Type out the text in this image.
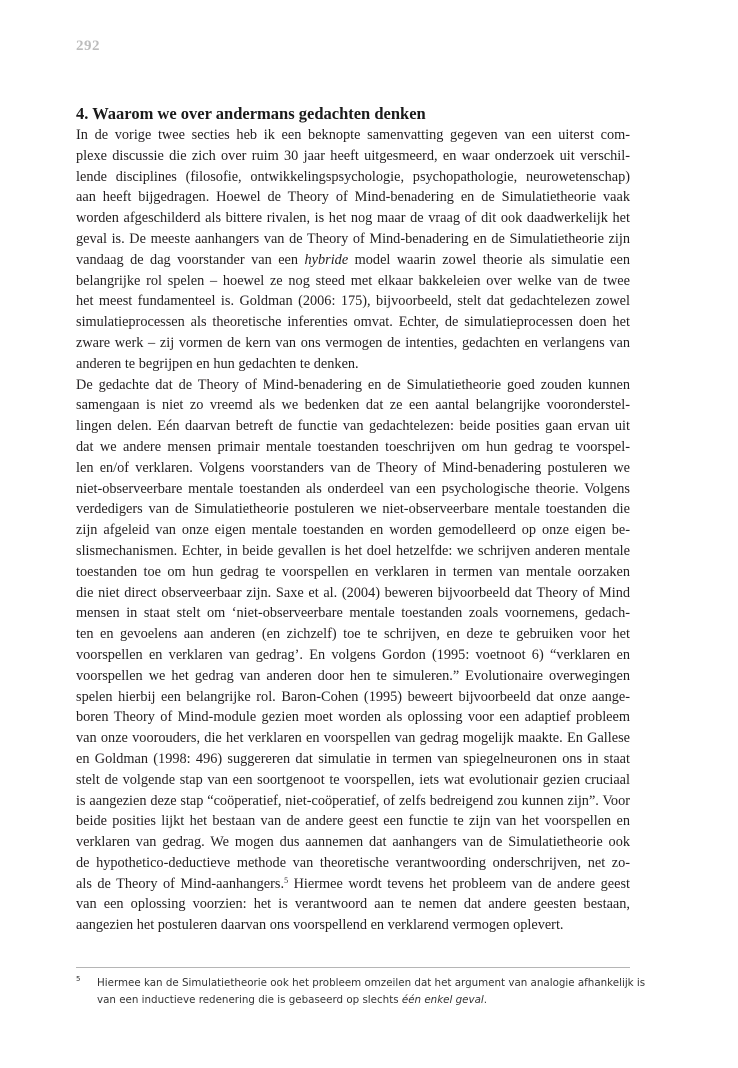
292
4. Waarom we over andermans gedachten denken
In de vorige twee secties heb ik een beknopte samenvatting gegeven van een uiterst com-
plexe discussie die zich over ruim 30 jaar heeft uitgesmeerd, en waar onderzoek uit verschil-
lende disciplines (filosofie, ontwikkelingspsychologie, psychopathologie, neurowetenschap)
aan heeft bijgedragen. Hoewel de Theory of Mind-benadering en de Simulatietheorie vaak
worden afgeschilderd als bittere rivalen, is het nog maar de vraag of dit ook daadwerkelijk het
geval is. De meeste aanhangers van de Theory of Mind-benadering en de Simulatietheorie zijn
vandaag de dag voorstander van een hybride model waarin zowel theorie als simulatie een
belangrijke rol spelen – hoewel ze nog steed met elkaar bakkeleien over welke van de twee
het meest fundamenteel is. Goldman (2006: 175), bijvoorbeeld, stelt dat gedachtelezen zowel
simulatieprocessen als theoretische inferenties omvat. Echter, de simulatieprocessen doen het
zware werk – zij vormen de kern van ons vermogen de intenties, gedachten en verlangens van
anderen te begrijpen en hun gedachten te denken.
De gedachte dat de Theory of Mind-benadering en de Simulatietheorie goed zouden kunnen
samengaan is niet zo vreemd als we bedenken dat ze een aantal belangrijke vooronderstel-
lingen delen. Eén daarvan betreft de functie van gedachtelezen: beide posities gaan ervan uit
dat we andere mensen primair mentale toestanden toeschrijven om hun gedrag te voorspel-
len en/of verklaren. Volgens voorstanders van de Theory of Mind-benadering postuleren we
niet-observeerbare mentale toestanden als onderdeel van een psychologische theorie. Volgens
verdedigers van de Simulatietheorie postuleren we niet-observeerbare mentale toestanden die
zijn afgeleid van onze eigen mentale toestanden en worden gemodelleerd op onze eigen be-
slismechanismen. Echter, in beide gevallen is het doel hetzelfde: we schrijven anderen mentale
toestanden toe om hun gedrag te voorspellen en verklaren in termen van mentale oorzaken
die niet direct observeerbaar zijn. Saxe et al. (2004) beweren bijvoorbeeld dat Theory of Mind
mensen in staat stelt om ‘niet-observeerbare mentale toestanden zoals voornemens, gedach-
ten en gevoelens aan anderen (en zichzelf) toe te schrijven, en deze te gebruiken voor het
voorspellen en verklaren van gedrag’. En volgens Gordon (1995: voetnoot 6) “verklaren en
voorspellen we het gedrag van anderen door hen te simuleren.” Evolutionaire overwegingen
spelen hierbij een belangrijke rol. Baron-Cohen (1995) beweert bijvoorbeeld dat onze aange-
boren Theory of Mind-module gezien moet worden als oplossing voor een adaptief probleem
van onze voorouders, die het verklaren en voorspellen van gedrag mogelijk maakte. En Gallese
en Goldman (1998: 496) suggereren dat simulatie in termen van spiegelneuronen ons in staat
stelt de volgende stap van een soortgenoot te voorspellen, iets wat evolutionair gezien cruciaal
is aangezien deze stap “coöperatief, niet-coöperatief, of zelfs bedreigend zou kunnen zijn”. Voor
beide posities lijkt het bestaan van de andere geest een functie te zijn van het voorspellen en
verklaren van gedrag. We mogen dus aannemen dat aanhangers van de Simulatietheorie ook
de hypothetico-deductieve methode van theoretische verantwoording onderschrijven, net zo-
als de Theory of Mind-aanhangers.$^5$ Hiermee wordt tevens het probleem van de andere geest
van een oplossing voorzien: het is verantwoord aan te nemen dat andere geesten bestaan,
aangezien het postuleren daarvan ons voorspellend en verklarend vermogen oplevert.
5 Hiermee kan de Simulatietheorie ook het probleem omzeilen dat het argument van analogie afhankelijk is
van een inductieve redenering die is gebaseerd op slechts één enkel geval.
